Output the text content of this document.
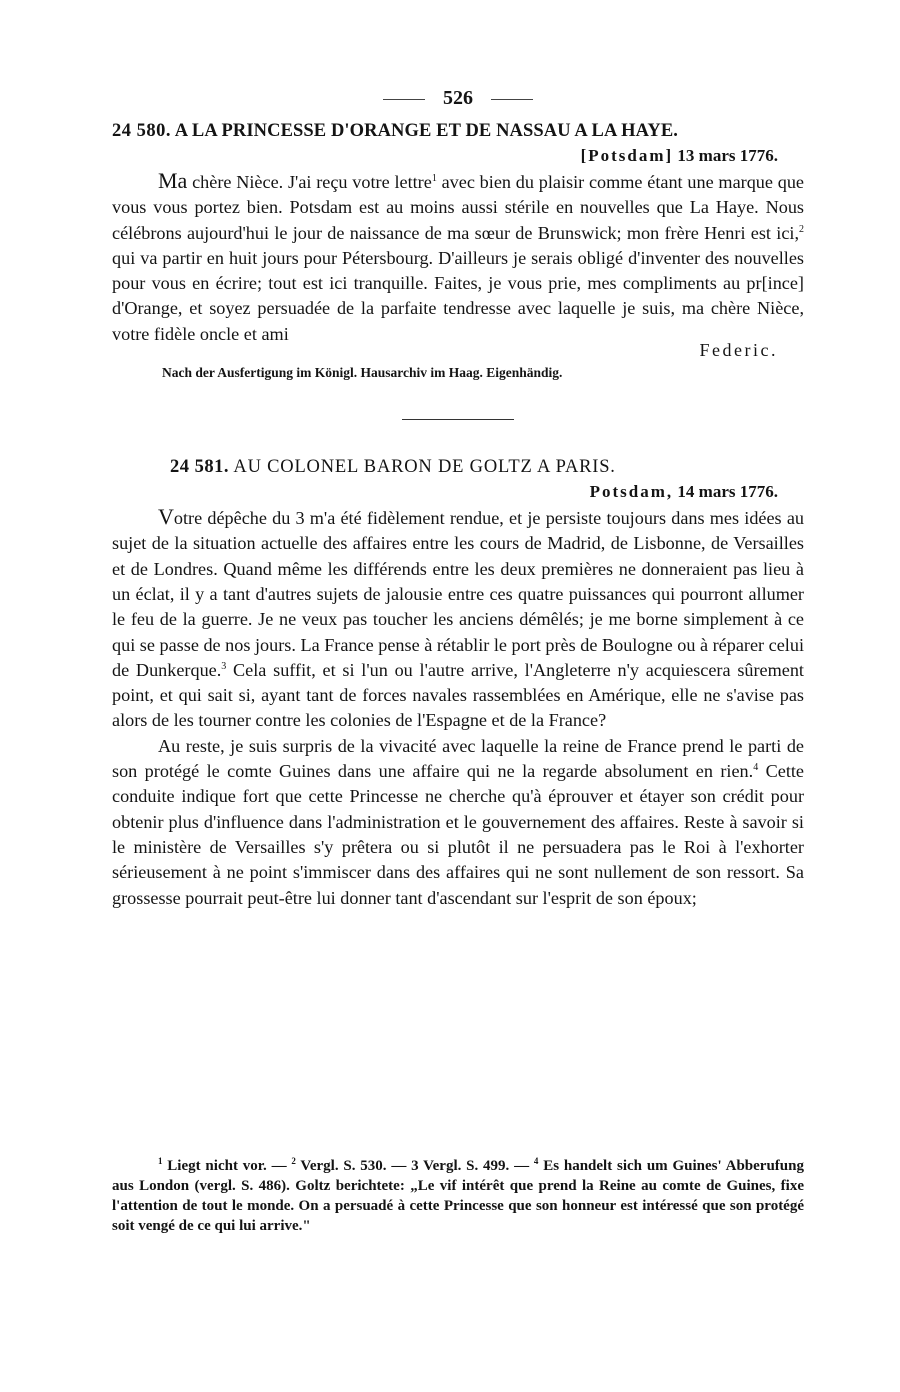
526
24 580. A LA PRINCESSE D'ORANGE ET DE NASSAU A LA HAYE.
[Potsdam] 13 mars 1776.

Ma chère Nièce. J'ai reçu votre lettre$^1$ avec bien du plaisir comme étant une marque que vous vous portez bien. Potsdam est au moins aussi stérile en nouvelles que La Haye. Nous célébrons aujourd'hui le jour de naissance de ma sœur de Brunswick; mon frère Henri est ici,$^2$ qui va partir en huit jours pour Pétersbourg. D'ailleurs je serais obligé d'inventer des nouvelles pour vous en écrire; tout est ici tranquille. Faites, je vous prie, mes compliments au pr[ince] d'Orange, et soyez persuadée de la parfaite tendresse avec laquelle je suis, ma chère Nièce, votre fidèle oncle et ami

Federic.
Nach der Ausfertigung im Königl. Hausarchiv im Haag. Eigenhändig.
24 581. AU COLONEL BARON DE GOLTZ A PARIS.
Potsdam, 14 mars 1776.

Votre dépêche du 3 m'a été fidèlement rendue, et je persiste toujours dans mes idées au sujet de la situation actuelle des affaires entre les cours de Madrid, de Lisbonne, de Versailles et de Londres. Quand même les différends entre les deux premières ne donneraient pas lieu à un éclat, il y a tant d'autres sujets de jalousie entre ces quatre puissances qui pourront allumer le feu de la guerre. Je ne veux pas toucher les anciens démêlés; je me borne simplement à ce qui se passe de nos jours. La France pense à rétablir le port près de Boulogne ou à réparer celui de Dunkerque.$^3$ Cela suffit, et si l'un ou l'autre arrive, l'Angleterre n'y acquiescera sûrement point, et qui sait si, ayant tant de forces navales rassemblées en Amérique, elle ne s'avise pas alors de les tourner contre les colonies de l'Espagne et de la France?

Au reste, je suis surpris de la vivacité avec laquelle la reine de France prend le parti de son protégé le comte Guines dans une affaire qui ne la regarde absolument en rien.$^4$ Cette conduite indique fort que cette Princesse ne cherche qu'à éprouver et étayer son crédit pour obtenir plus d'influence dans l'administration et le gouvernement des affaires. Reste à savoir si le ministère de Versailles s'y prêtera ou si plutôt il ne persuadera pas le Roi à l'exhorter sérieusement à ne point s'immiscer dans des affaires qui ne sont nullement de son ressort. Sa grossesse pourrait peut-être lui donner tant d'ascendant sur l'esprit de son époux;

$^1$ Liegt nicht vor. — $^2$ Vergl. S. 530. — 3 Vergl. S. 499. — $^4$ Es handelt sich um Guines' Abberufung aus London (vergl. S. 486). Goltz berichtete: „Le vif intérêt que prend la Reine au comte de Guines, fixe l'attention de tout le monde. On a persuadé à cette Princesse que son honneur est intéressé que son protégé soit vengé de ce qui lui arrive."
